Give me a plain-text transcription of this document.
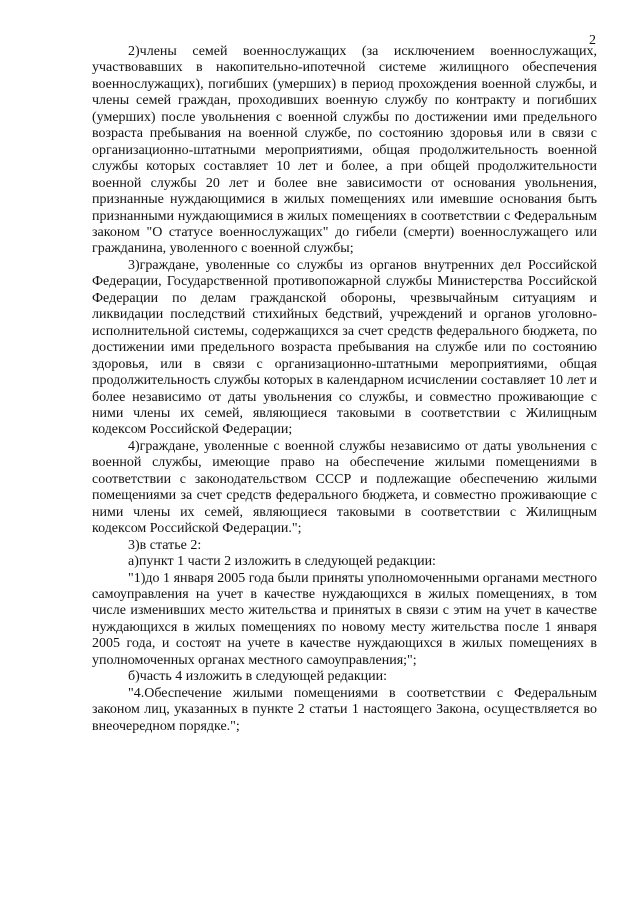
2

2)члены семей военнослужащих (за исключением военнослужащих, участвовавших в накопительно-ипотечной системе жилищного обеспечения военнослужащих), погибших (умерших) в период прохождения военной службы, и члены семей граждан, проходивших военную службу по контракту и погибших (умерших) после увольнения с военной службы по достижении ими предельного возраста пребывания на военной службе, по состоянию здоровья или в связи с организационно-штатными мероприятиями, общая продолжительность военной службы которых составляет 10 лет и более, а при общей продолжительности военной службы 20 лет и более вне зависимости от основания увольнения, признанные нуждающимися в жилых помещениях или имевшие основания быть признанными нуждающимися в жилых помещениях в соответствии с Федеральным законом "О статусе военнослужащих" до гибели (смерти) военнослужащего или гражданина, уволенного с военной службы;

3)граждане, уволенные со службы из органов внутренних дел Российской Федерации, Государственной противопожарной службы Министерства Российской Федерации по делам гражданской обороны, чрезвычайным ситуациям и ликвидации последствий стихийных бедствий, учреждений и органов уголовно-исполнительной системы, содержащихся за счет средств федерального бюджета, по достижении ими предельного возраста пребывания на службе или по состоянию здоровья, или в связи с организационно-штатными мероприятиями, общая продолжительность службы которых в календарном исчислении составляет 10 лет и более независимо от даты увольнения со службы, и совместно проживающие с ними члены их семей, являющиеся таковыми в соответствии с Жилищным кодексом Российской Федерации;

4)граждане, уволенные с военной службы независимо от даты увольнения с военной службы, имеющие право на обеспечение жилыми помещениями в соответствии с законодательством СССР и подлежащие обеспечению жилыми помещениями за счет средств федерального бюджета, и совместно проживающие с ними члены их семей, являющиеся таковыми в соответствии с Жилищным кодексом Российской Федерации.";

3)в статье 2:

а)пункт 1 части 2 изложить в следующей редакции:

"1)до 1 января 2005 года были приняты уполномоченными органами местного самоуправления на учет в качестве нуждающихся в жилых помещениях, в том числе изменивших место жительства и принятых в связи с этим на учет в качестве нуждающихся в жилых помещениях по новому месту жительства после 1 января 2005 года, и состоят на учете в качестве нуждающихся в жилых помещениях в уполномоченных органах местного самоуправления;";

б)часть 4 изложить в следующей редакции:

"4.Обеспечение жилыми помещениями в соответствии с Федеральным законом лиц, указанных в пункте 2 статьи 1 настоящего Закона, осуществляется во внеочередном порядке.";
